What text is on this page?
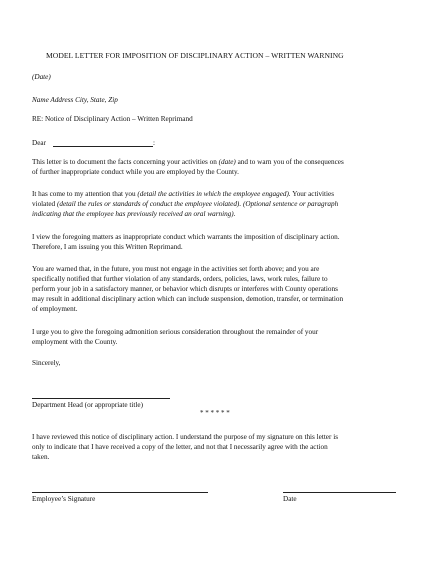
MODEL LETTER FOR IMPOSITION OF DISCIPLINARY ACTION – WRITTEN WARNING
(Date)
Name Address City, State, Zip
RE: Notice of Disciplinary Action – Written Reprimand
Dear	:
This letter is to document the facts concerning your activities on (date) and to warn you of the consequences
of further inappropriate conduct while you are employed by the County.
It has come to my attention that you (detail the activities in which the employee engaged). Your activities
violated (detail the rules or standards of conduct the employee violated). (Optional sentence or paragraph
indicating that the employee has previously received an oral warning).
I view the foregoing matters as inappropriate conduct which warrants the imposition of disciplinary action.
Therefore, I am issuing you this Written Reprimand.
You are warned that, in the future, you must not engage in the activities set forth above; and you are
specifically notified that further violation of any standards, orders, policies, laws, work rules, failure to
perform your job in a satisfactory manner, or behavior which disrupts or interferes with County operations
may result in additional disciplinary action which can include suspension, demotion, transfer, or termination
of employment.
I urge you to give the foregoing admonition serious consideration throughout the remainder of your
employment with the County.
Sincerely,
Department Head (or appropriate title)
* * * * * *
I have reviewed this notice of disciplinary action. I understand the purpose of my signature on this letter is
only to indicate that I have received a copy of the letter, and not that I necessarily agree with the action
taken.
Employee’s Signature	Date
